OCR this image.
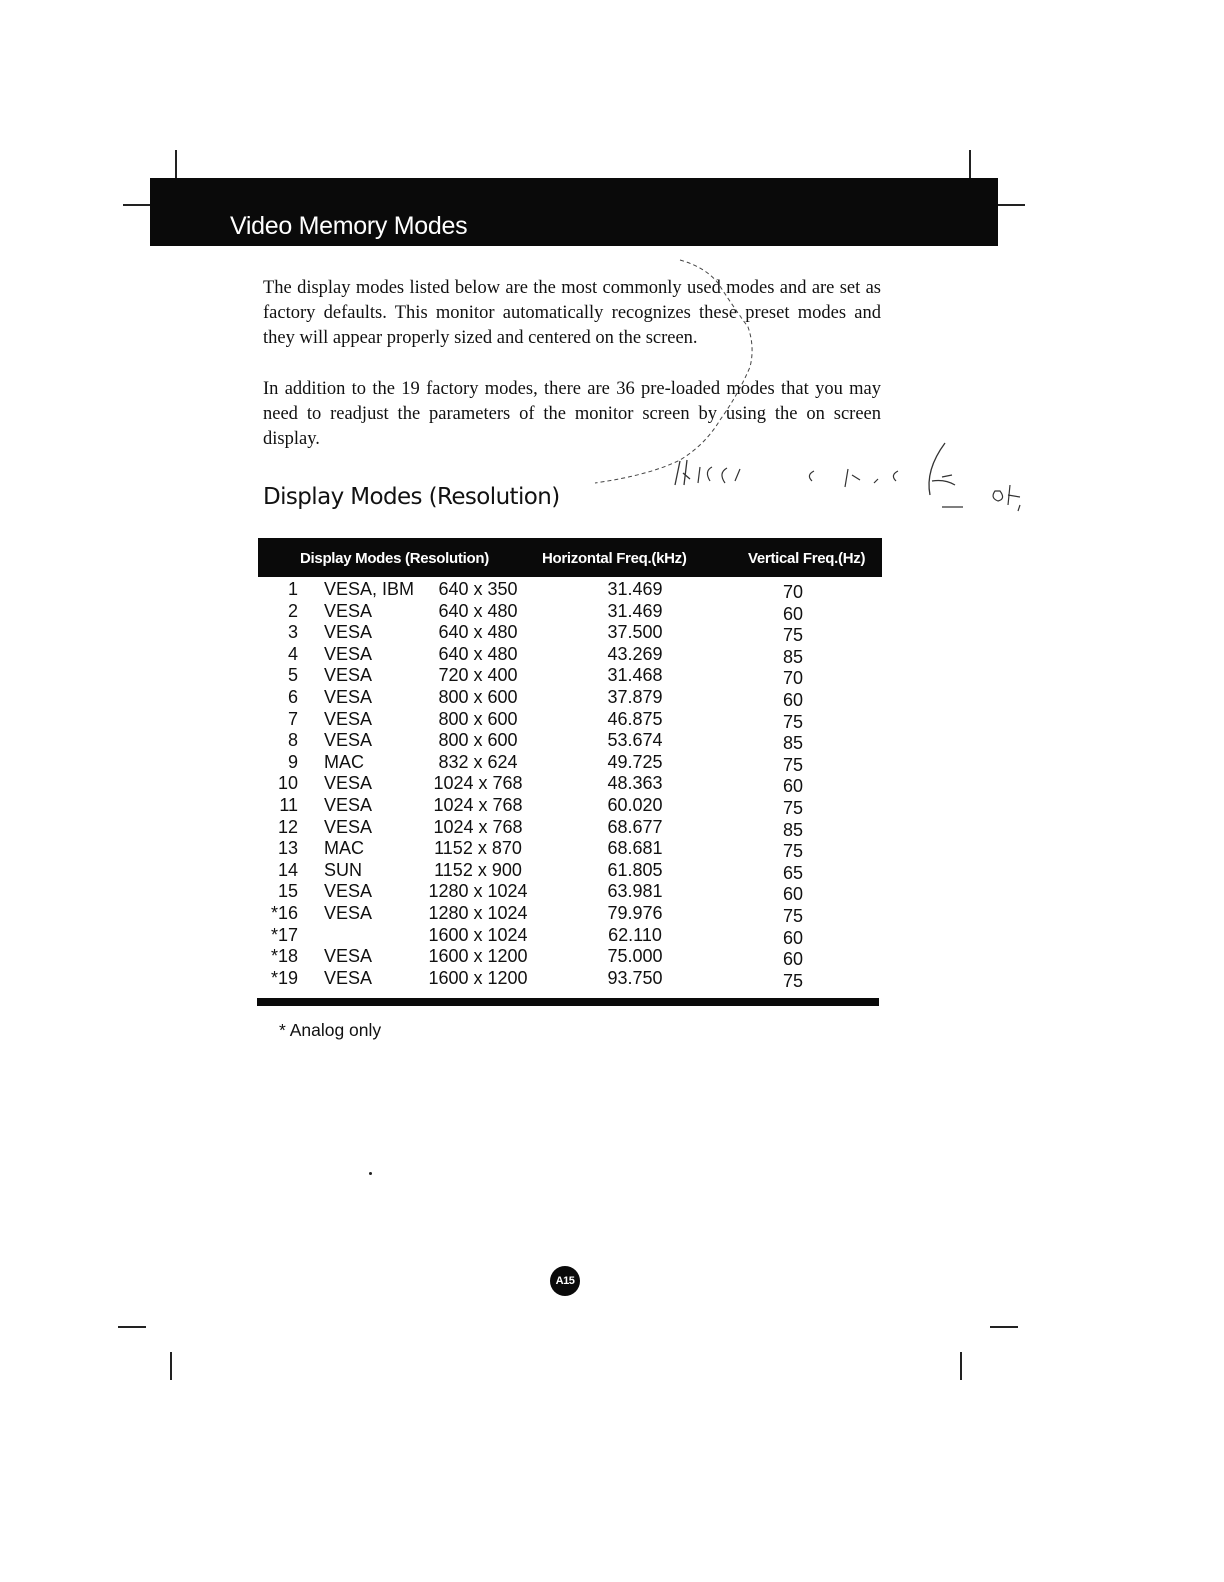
Video Memory Modes
The display modes listed below are the most commonly used modes and are set as factory defaults. This monitor automatically recognizes these preset modes and they will appear properly sized and centered on the screen.
In addition to the 19 factory modes, there are 36 pre-loaded modes that you may need to readjust the parameters of the monitor screen by using the on screen display.
Display Modes (Resolution)
Display Modes (Resolution)	Horizontal Freq.(kHz)	Vertical Freq.(Hz)
1 VESA, IBM	640 x 350	31.469	70
2 VESA	640 x 480	31.469	60
3 VESA	640 x 480	37.500	75
4 VESA	640 x 480	43.269	85
5 VESA	720 x 400	31.468	70
6 VESA	800 x 600	37.879	60
7 VESA	800 x 600	46.875	75
8 VESA	800 x 600	53.674	85
9 MAC	832 x 624	49.725	75
10 VESA	1024 x 768	48.363	60
11 VESA	1024 x 768	60.020	75
12 VESA	1024 x 768	68.677	85
13 MAC	1152 x 870	68.681	75
14 SUN	1152 x 900	61.805	65
15 VESA	1280 x 1024	63.981	60
*16 VESA	1280 x 1024	79.976	75
*17	1600 x 1024	62.110	60
*18 VESA	1600 x 1200	75.000	60
*19 VESA	1600 x 1200	93.750	75
* Analog only
A15
